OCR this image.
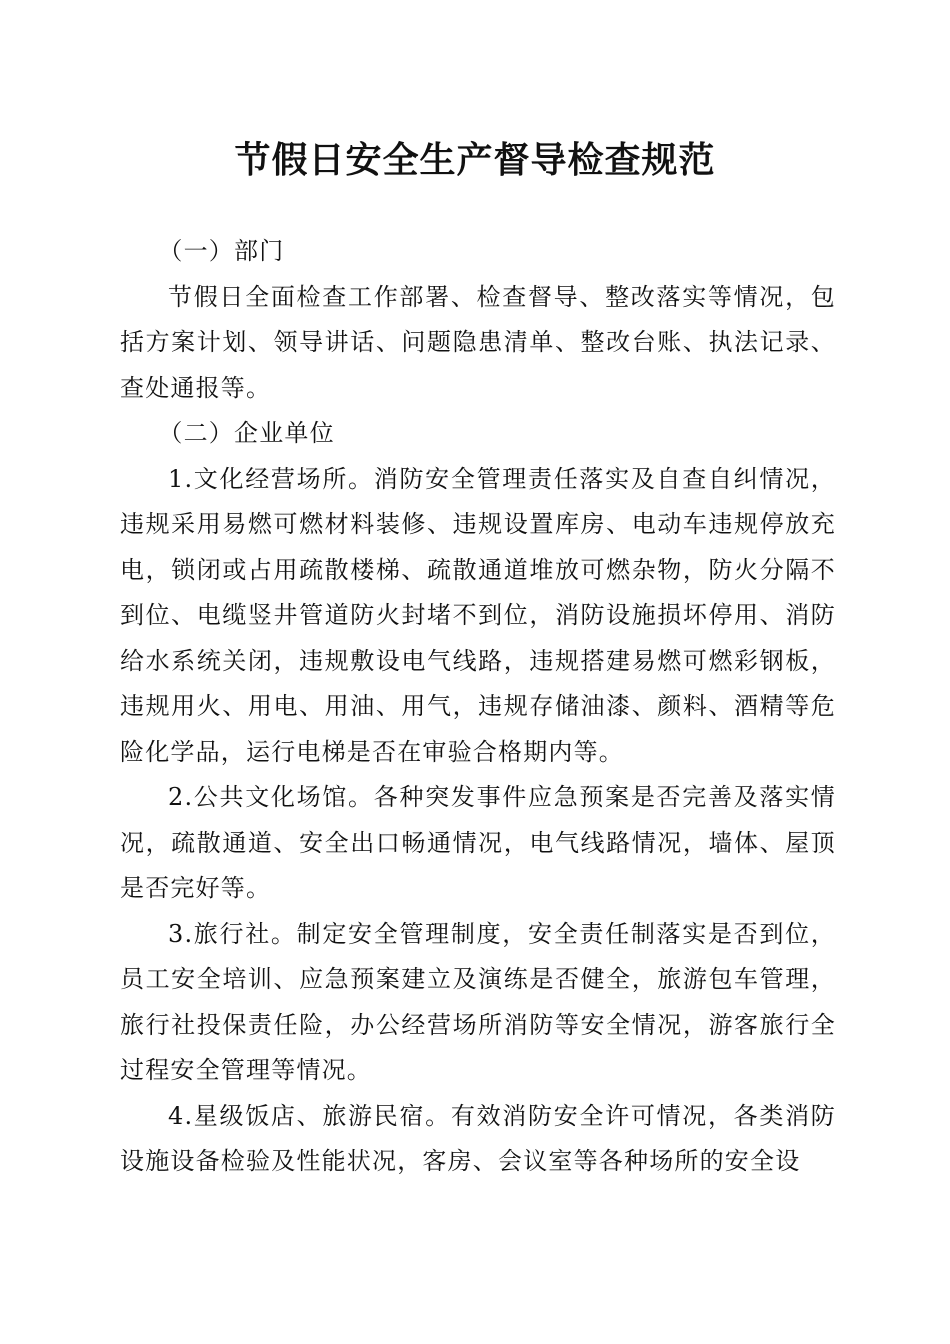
节假日安全生产督导检查规范

（一）部门

节假日全面检查工作部署、检查督导、整改落实等情况，包括方案计划、领导讲话、问题隐患清单、整改台账、执法记录、查处通报等。

（二）企业单位

1.文化经营场所。消防安全管理责任落实及自查自纠情况，违规采用易燃可燃材料装修、违规设置库房、电动车违规停放充电，锁闭或占用疏散楼梯、疏散通道堆放可燃杂物，防火分隔不到位、电缆竖井管道防火封堵不到位，消防设施损坏停用、消防给水系统关闭，违规敷设电气线路，违规搭建易燃可燃彩钢板，违规用火、用电、用油、用气，违规存储油漆、颜料、酒精等危险化学品，运行电梯是否在审验合格期内等。

2.公共文化场馆。各种突发事件应急预案是否完善及落实情况，疏散通道、安全出口畅通情况，电气线路情况，墙体、屋顶是否完好等。

3.旅行社。制定安全管理制度，安全责任制落实是否到位，员工安全培训、应急预案建立及演练是否健全，旅游包车管理，旅行社投保责任险，办公经营场所消防等安全情况，游客旅行全过程安全管理等情况。

4.星级饭店、旅游民宿。有效消防安全许可情况，各类消防设施设备检验及性能状况，客房、会议室等各种场所的安全设
